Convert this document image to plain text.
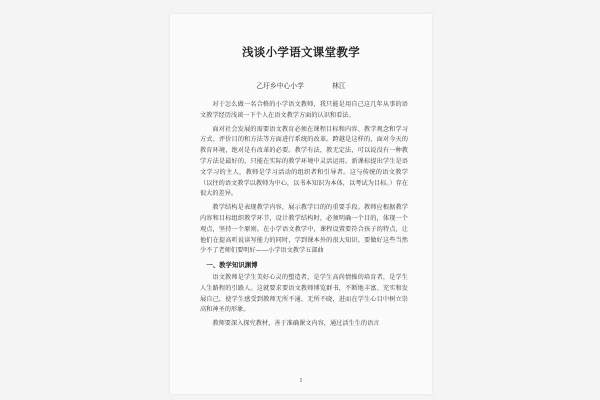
浅谈小学语文课堂教学
乙圩乡中心小学	林江

对于怎么做一名合格的小学语文教师，我只能是用自己这几年从事的语文教学经历浅谈一下个人在语文教学方面的认识和看法。

面对社会发展的需要语文教育必须在课程目标和内容、教学观念和学习方式、评价目的和方法等方面进行系统的改革。跨越是这样的，面对今天的教育环境，绝对是有改革的必要。教学有法，教无定法，可以说没有一种教学方法是最好的，只能在实际的教学环境中灵活运用。新课标提出学生是语文学习的主人，教师是学习活动的组织者和引导者。这与传统的语文教学（以往的语文教学以教师为中心，以书本知识为本体，以考试为目标。）存在很大的差异。

教学结构是表现教学内容，展示教学目的的重要手段。教师应根据教学内容和目标组织教学环节，设计教学结构时，必须明确一个目的，体现一个观点，坚持一个原则。在小学语文教学中，课程设置要符合孩子的特点，让他们在提高听说读写能力的同时，学到课本外的很大知识。要做好这些当然少不了老师们要明好——小学语文教学五部曲

一、教学知识渊博

语文教师是学生美好心灵的塑造者，是学生高尚情操的培育者，是学生人生路程的引路人。这就要求要语文教师博览群书，不断地丰富、充实和发展自己，使学生感受到教师无所不通、无所不晓，进而在学生心目中树立崇高和神圣的形象。

教师要深入探究教材，善于准确课文内容，通过活生生的语言

1
